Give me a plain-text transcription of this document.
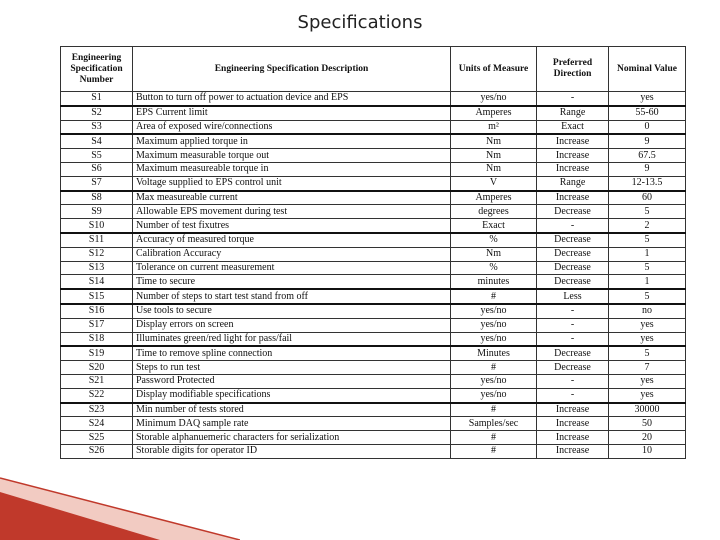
Specifications
Engineering Specification Number	Engineering Specification Description	Units of Measure	Preferred Direction	Nominal Value
S1	Button to turn off power to actuation device and EPS	yes/no	-	yes
S2	EPS Current limit	Amperes	Range	55-60
S3	Area of exposed wire/connections	m²	Exact	0
S4	Maximum applied torque in	Nm	Increase	9
S5	Maximum measurable torque out	Nm	Increase	67.5
S6	Maximum measureable torque in	Nm	Increase	9
S7	Voltage supplied to EPS control unit	V	Range	12-13.5
S8	Max measureable current	Amperes	Increase	60
S9	Allowable EPS movement during test	degrees	Decrease	5
S10	Number of test fixutres	Exact	-	2
S11	Accuracy of measured torque	%	Decrease	5
S12	Calibration Accuracy	Nm	Decrease	1
S13	Tolerance on current measurement	%	Decrease	5
S14	Time to secure	minutes	Decrease	1
S15	Number of steps to start test stand from off	#	Less	5
S16	Use tools to secure	yes/no	-	no
S17	Display errors on screen	yes/no	-	yes
S18	Illuminates green/red light for pass/fail	yes/no	-	yes
S19	Time to remove spline connection	Minutes	Decrease	5
S20	Steps to run test	#	Decrease	7
S21	Password Protected	yes/no	-	yes
S22	Display modifiable specifications	yes/no	-	yes
S23	Min number of tests stored	#	Increase	30000
S24	Minimum DAQ sample rate	Samples/sec	Increase	50
S25	Storable alphanuemeric characters for serialization	#	Increase	20
S26	Storable digits for operator ID	#	Increase	10
